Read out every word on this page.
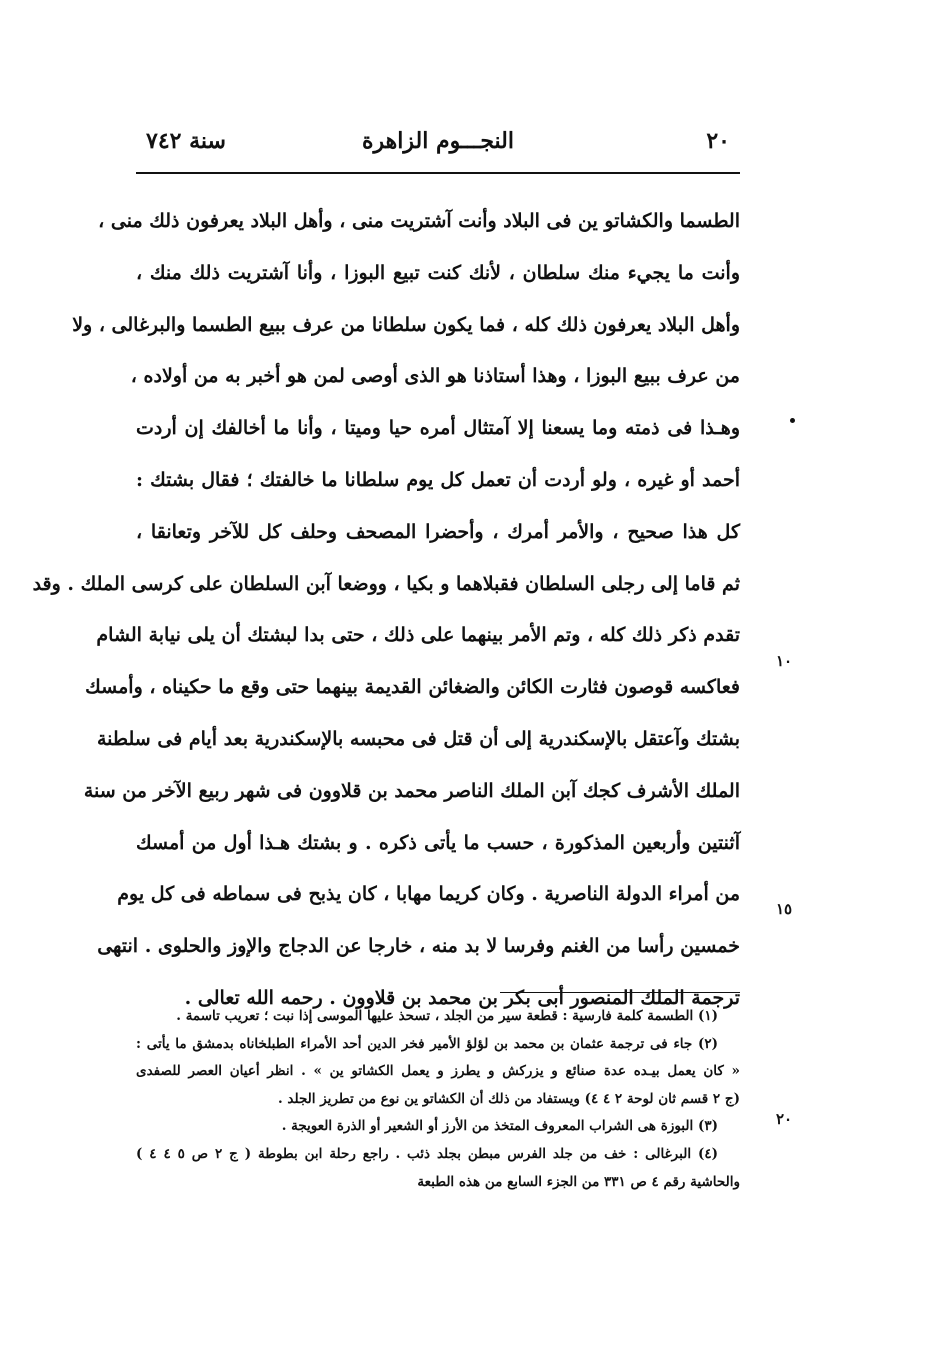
٢٠
النجـــوم الزاهرة
سنة ٧٤٢
الطسما والكشاتو ين فى البلاد وأنت آشتريت منى ، وأهل البلاد يعرفون ذلك منى ،
وأنت ما يجيء منك سلطان ، لأنك كنت تبيع البوزا ، وأنا آشتريت ذلك منك ،
وأهل البلاد يعرفون ذلك كله ، فما يكون سلطانا من عرف ببيع الطسما والبرغالى ، ولا
من عرف ببيع البوزا ، وهذا أستاذنا هو الذى أوصى لمن هو أخبر به من أولاده ،
وهـذا فى ذمته وما يسعنا إلا آمتثال أمره حيا وميتا ، وأنا ما أخالفك إن أردت
أحمد أو غيره ، ولو أردت أن تعمل كل يوم سلطانا ما خالفتك ؛ فقال بشتك :
كل هذا صحيح ، والأمر أمرك ، وأحضرا المصحف وحلف كل للآخر وتعانقا ،
ثم قاما إلى رجلى السلطان فقبلاهما و بكيا ، ووضعا آبن السلطان على كرسى الملك . وقد
تقدم ذكر ذلك كله ، وتم الأمر بينهما على ذلك ، حتى بدا لبشتك أن يلى نيابة الشام
فعاكسه قوصون فثارت الكائن والضغائن القديمة بينهما حتى وقع ما حكيناه ، وأمسك
بشتك وآعتقل بالإسكندرية إلى أن قتل فى محبسه بالإسكندرية بعد أيام فى سلطنة
الملك الأشرف كجك آبن الملك الناصر محمد بن قلاوون فى شهر ربيع الآخر من سنة
آثنتين وأربعين المذكورة ، حسب ما يأتى ذكره . و بشتك هـذا أول من أمسك
من أمراء الدولة الناصرية . وكان كريما مهابا ، كان يذبح فى سماطه فى كل يوم
خمسين رأسا من الغنم وفرسا لا بد منه ، خارجا عن الدجاج والإوز والحلوى . انتهى
ترجمة الملك المنصور أبى بكر بن محمد بن قلاوون . رحمه الله تعالى .
١٠
١٥
٢٠
(١) الطسمة كلمة فارسية : قطعة سير من الجلد ، تسحذ عليها الموسى إذا نبت ؛ تعريب تاسمة .
(٢) جاء فى ترجمة عثمان بن محمد بن لؤلؤ الأمير فخر الدين أحد الأمراء الطبلخاناه بدمشق ما يأتى :
« كان يعمل بيـده عدة صنائع و يزركش و يطرز و يعمل الكشاتو ين » . انظر أعيان العصر للصفدى
(ج ٢ قسم ثان لوحة ٢ ٤ ٤) ويستفاد من ذلك أن الكشاتو ين نوع من تطريز الجلد .
(٣) البوزة هى الشراب المعروف المتخذ من الأرز أو الشعير أو الذرة العويجة .
(٤) البرغالى : خف من جلد الفرس مبطن بجلد ذئب . راجع رحلة ابن بطوطة ( ج ٢ ص ٥ ٤ ٤ )
والحاشية رقم ٤ ص ٣٣١ من الجزء السابع من هذه الطبعة
